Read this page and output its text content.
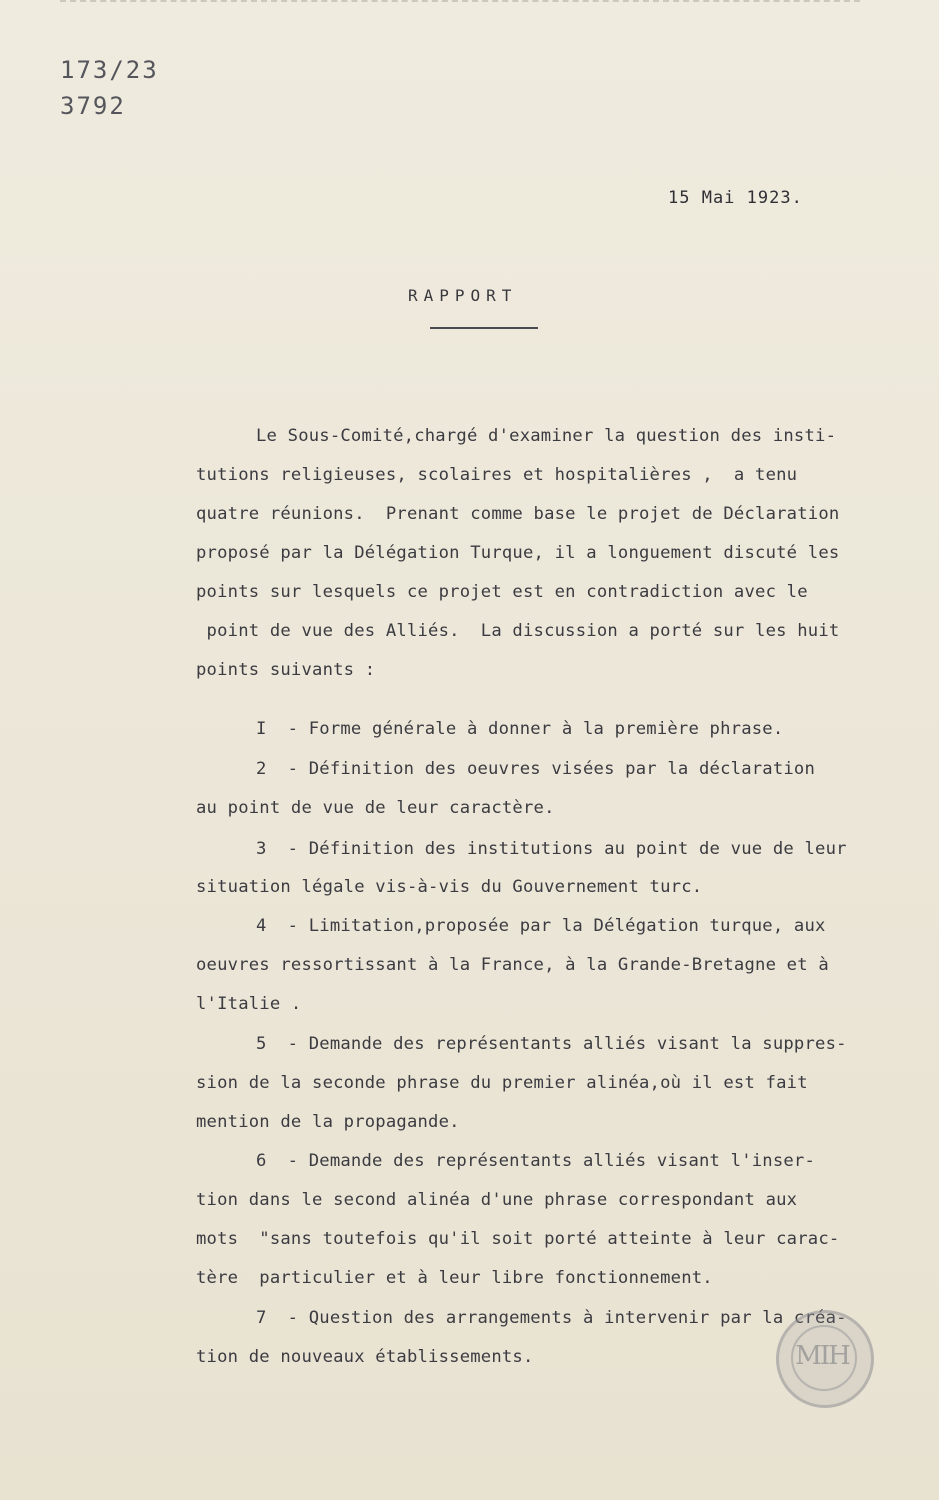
173/23
3792
15 Mai 1923.
RAPPORT
Le Sous-Comité,chargé d'examiner la question des insti-
tutions religieuses, scolaires et hospitalières ,  a tenu
quatre réunions.  Prenant comme base le projet de Déclaration
proposé par la Délégation Turque, il a longuement discuté les
points sur lesquels ce projet est en contradiction avec le
point de vue des Alliés.  La discussion a porté sur les huit
points suivants :
I  - Forme générale à donner à la première phrase.
2  - Définition des oeuvres visées par la déclaration
au point de vue de leur caractère.
3  - Définition des institutions au point de vue de leur
situation légale vis-à-vis du Gouvernement turc.
4  - Limitation,proposée par la Délégation turque, aux
oeuvres ressortissant à la France, à la Grande-Bretagne et à
l'Italie .
5  - Demande des représentants alliés visant la suppres-
sion de la seconde phrase du premier alinéa,où il est fait
mention de la propagande.
6  - Demande des représentants alliés visant l'inser-
tion dans le second alinéa d'une phrase correspondant aux
mots  "sans toutefois qu'il soit porté atteinte à leur carac-
tère  particulier et à leur libre fonctionnement.
7  - Question des arrangements à intervenir par la créa-
tion de nouveaux établissements.	MIH
